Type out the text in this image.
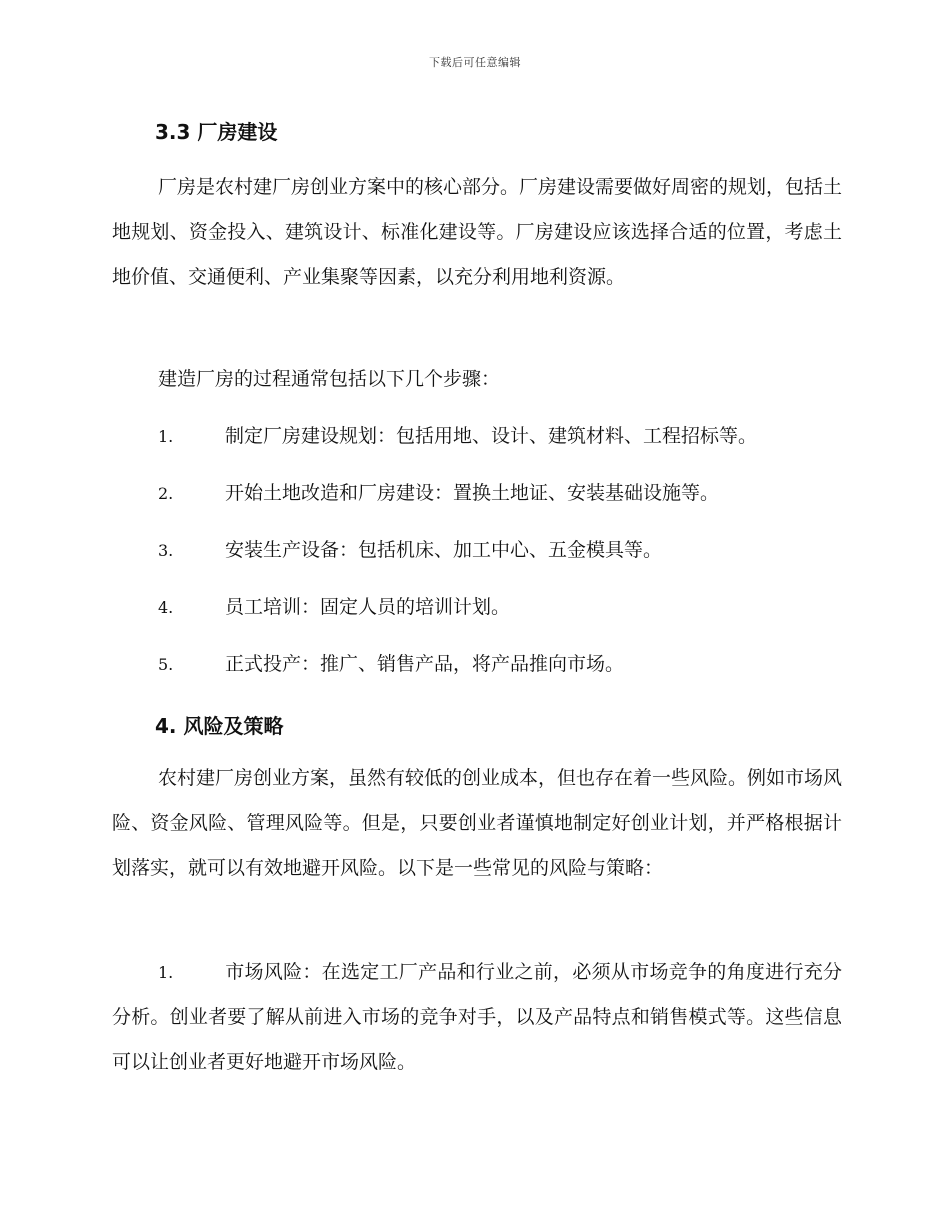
下载后可任意编辑
3.3 厂房建设
厂房是农村建厂房创业方案中的核心部分。厂房建设需要做好周密的规划，包括土地规划、资金投入、建筑设计、标准化建设等。厂房建设应该选择合适的位置，考虑土地价值、交通便利、产业集聚等因素，以充分利用地利资源。
建造厂房的过程通常包括以下几个步骤：
1.	制定厂房建设规划：包括用地、设计、建筑材料、工程招标等。
2.	开始土地改造和厂房建设：置换土地证、安装基础设施等。
3.	安装生产设备：包括机床、加工中心、五金模具等。
4.	员工培训：固定人员的培训计划。
5.	正式投产：推广、销售产品，将产品推向市场。
4. 风险及策略
农村建厂房创业方案，虽然有较低的创业成本，但也存在着一些风险。例如市场风险、资金风险、管理风险等。但是，只要创业者谨慎地制定好创业计划，并严格根据计划落实，就可以有效地避开风险。以下是一些常见的风险与策略：
1.	市场风险：在选定工厂产品和行业之前，必须从市场竞争的角度进行充分分析。创业者要了解从前进入市场的竞争对手，以及产品特点和销售模式等。这些信息可以让创业者更好地避开市场风险。
